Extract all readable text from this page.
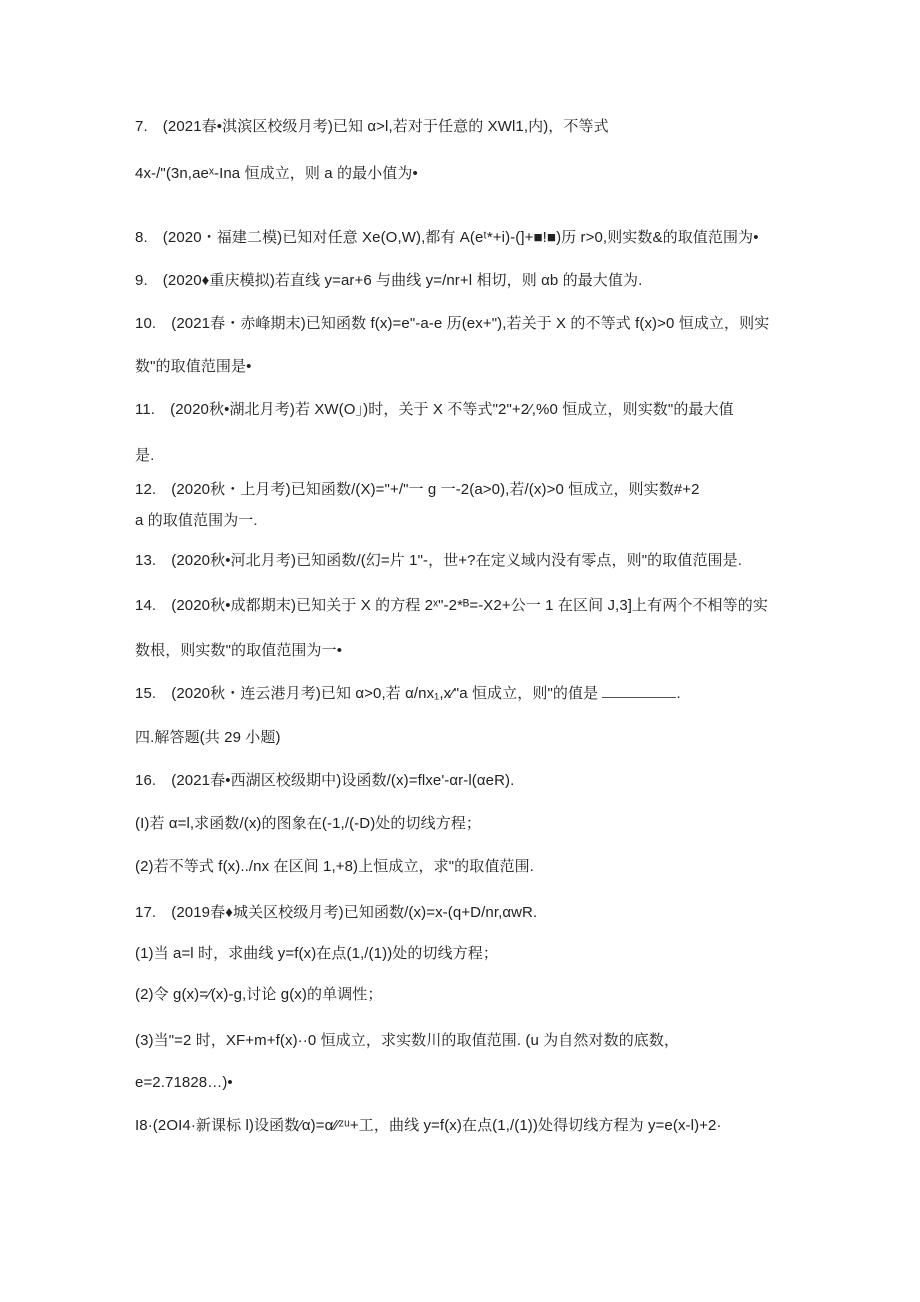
7.　(2021春•淇滨区校级月考)已知 α>l,若对于任意的 XWl1,内)，不等式
4x-/"(3n,aeˣ-Ina 恒成立，则 a 的最小值为•
8.　(2020・福建二模)已知对任意 Xe(O,W),都有 A(eᵗ*+i)-(]+■!■)历 r>0,则实数&的取值范围为•
9.　(2020♦重庆模拟)若直线 y=ar+6 与曲线 y=/nr+l 相切，则 αb 的最大值为.
10.　(2021春・赤峰期末)已知函数 f(x)=e"-a-e 历(ex+"),若关于 X 的不等式 f(x)>0 恒成立，则实
数"的取值范围是•
11.　(2020秋•湖北月考)若 XW(O」)时，关于 X 不等式"2"+2⁄,%0 恒成立，则实数"的最大值
是.
12.　(2020秋・上月考)已知函数/(X)="+/"一 g 一-2(a>0),若/(x)>0 恒成立，则实数#+2
a 的取值范围为一.
13.　(2020秋•河北月考)已知函数/(幻=片 1"-，世+?在定义域内没有零点，则"的取值范围是.
14.　(2020秋•成都期末)已知关于 X 的方程 2ˣ"-2*ᴮ=-X2+公一 1 在区间 J,3]上有两个不相等的实
数根，则实数"的取值范围为一•
15.　(2020秋・连云港月考)已知 α>0,若 α/nx₁,x⁄"a 恒成立，则"的值是	.
四.解答题(共 29 小题)
16.　(2021春•西湖区校级期中)设函数/(x)=flxe'-αr-l(αeR).
(I)若 α=l,求函数/(x)的图象在(-1,/(-D)处的切线方程；
(2)若不等式 f(x)../nx 在区间 1,+8)上恒成立，求"的取值范围.
17.　(2019春♦城关区校级月考)已知函数/(x)=x-(q+D/nr,αwR.
(1)当 a=l 时，求曲线 y=f(x)在点(1,/(1))处的切线方程；
(2)令 g(x)=⁄(x)-g,讨论 g(x)的单调性；
(3)当"=2 时，XF+m+f(x)··0 恒成立，求实数川的取值范围. (u 为自然对数的底数，
e=2.71828…)•
I8·(2OI4·新课标 l)设函数⁄α)=α⁄⁄ᶻᵘ+工，曲线 y=f(x)在点(1,/(1))处得切线方程为 y=e(x-l)+2·
